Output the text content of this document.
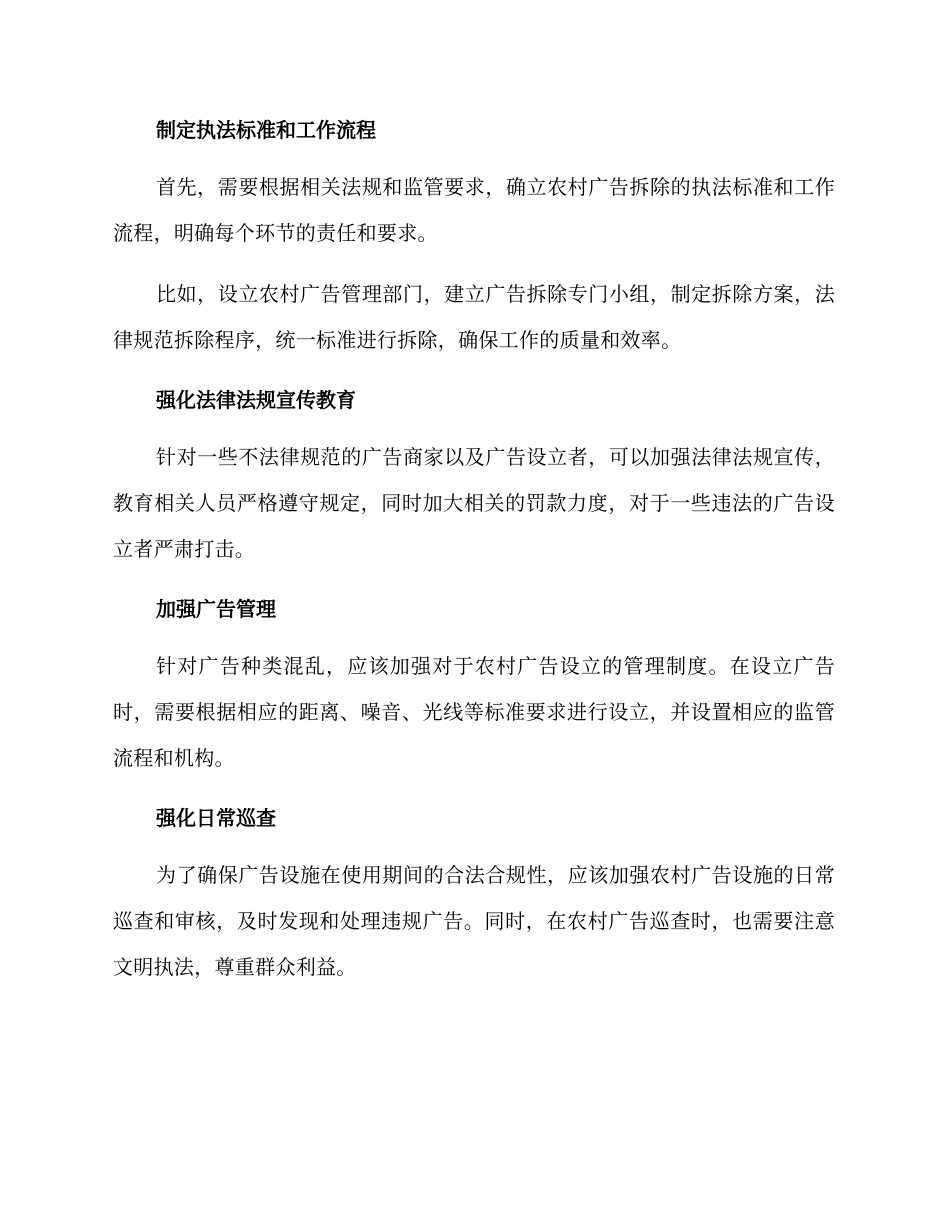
制定执法标准和工作流程

首先，需要根据相关法规和监管要求，确立农村广告拆除的执法标准和工作流程，明确每个环节的责任和要求。

比如，设立农村广告管理部门，建立广告拆除专门小组，制定拆除方案，法律规范拆除程序，统一标准进行拆除，确保工作的质量和效率。

强化法律法规宣传教育

针对一些不法律规范的广告商家以及广告设立者，可以加强法律法规宣传，教育相关人员严格遵守规定，同时加大相关的罚款力度，对于一些违法的广告设立者严肃打击。

加强广告管理

针对广告种类混乱，应该加强对于农村广告设立的管理制度。在设立广告时，需要根据相应的距离、噪音、光线等标准要求进行设立，并设置相应的监管流程和机构。

强化日常巡查

为了确保广告设施在使用期间的合法合规性，应该加强农村广告设施的日常巡查和审核，及时发现和处理违规广告。同时，在农村广告巡查时，也需要注意文明执法，尊重群众利益。
